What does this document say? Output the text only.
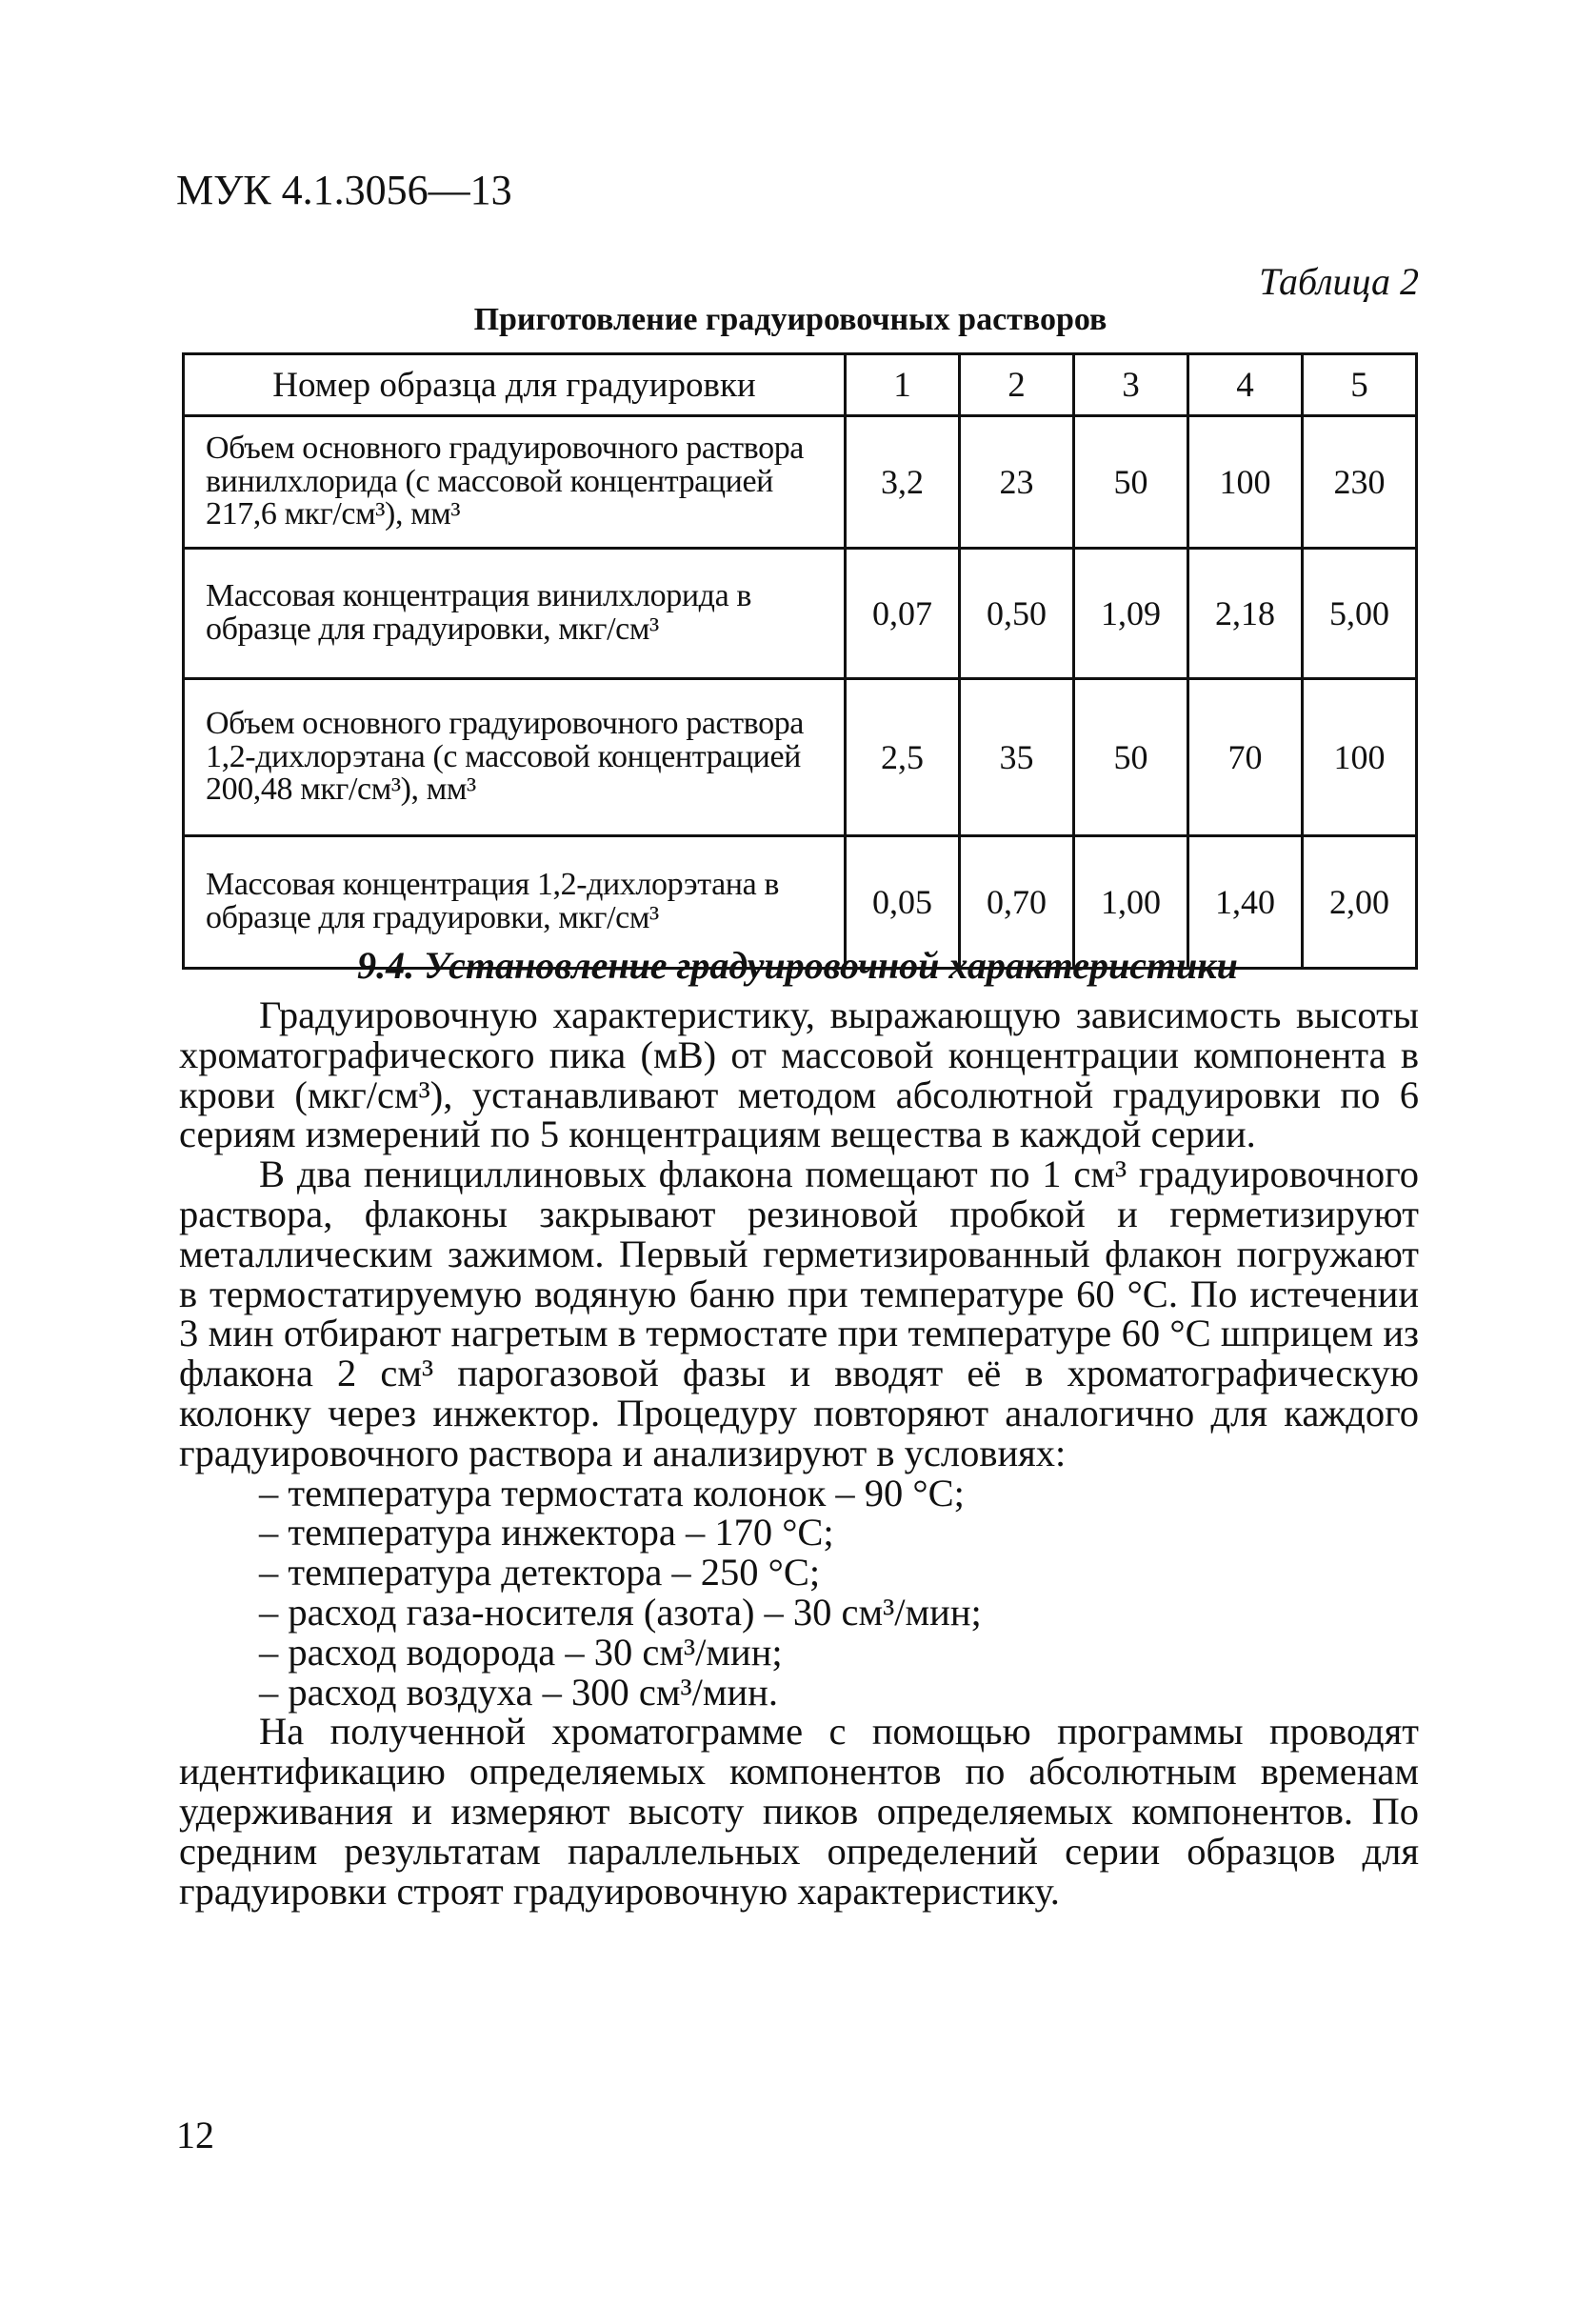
МУК 4.1.3056—13
Таблица 2
Приготовление градуировочных растворов
Номер образца для градуировки	1	2	3	4	5
Объем основного градуировочного раствора винилхлорида (с массовой концентрацией 217,6 мкг/см³), мм³	3,2	23	50	100	230
Массовая концентрация винилхлорида в образце для градуировки, мкг/см³	0,07	0,50	1,09	2,18	5,00
Объем основного градуировочного раствора 1,2-дихлорэтана (с массовой концентрацией 200,48 мкг/см³), мм³	2,5	35	50	70	100
Массовая концентрация 1,2-дихлорэтана в образце для градуировки, мкг/см³	0,05	0,70	1,00	1,40	2,00
9.4. Установление градуировочной характеристики

Градуировочную характеристику, выражающую зависимость высоты хроматографического пика (мВ) от массовой концентрации компонента в крови (мкг/см³), устанавливают методом абсолютной градуировки по 6 сериям измерений по 5 концентрациям вещества в каждой серии.

В два пенициллиновых флакона помещают по 1 см³ градуировочного раствора, флаконы закрывают резиновой пробкой и герметизируют металлическим зажимом. Первый герметизированный флакон погружают в термостатируемую водяную баню при температуре 60 °С. По истечении 3 мин отбирают нагретым в термостате при температуре 60 °С шприцем из флакона 2 см³ парогазовой фазы и вводят её в хроматографическую колонку через инжектор. Процедуру повторяют аналогично для каждого градуировочного раствора и анализируют в условиях:

– температура термостата колонок – 90 °С;
– температура инжектора – 170 °С;
– температура детектора – 250 °С;
– расход газа-носителя (азота) – 30 см³/мин;
– расход водорода – 30 см³/мин;
– расход воздуха – 300 см³/мин.

На полученной хроматограмме с помощью программы проводят идентификацию определяемых компонентов по абсолютным временам удерживания и измеряют высоту пиков определяемых компонентов. По средним результатам параллельных определений серии образцов для градуировки строят градуировочную характеристику.

12
